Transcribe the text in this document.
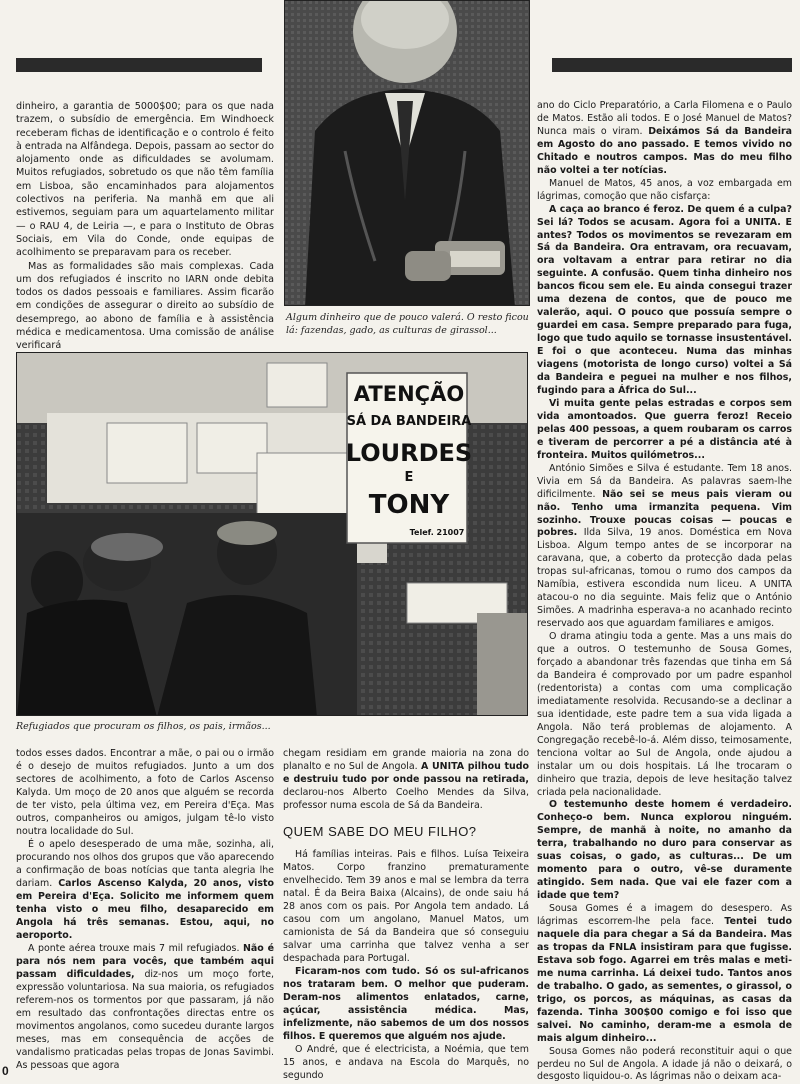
dinheiro, a garantia de 5000$00; para os que nada trazem, o subsídio de emergência. Em Windhoeck receberam fichas de identificação e o controlo é feito à entrada na Alfândega. Depois, passam ao sector do alojamento onde as dificuldades se avolumam. Muitos refugiados, sobretudo os que não têm família em Lisboa, são encaminhados para alojamentos colectivos na periferia. Na manhã em que ali estivemos, seguiam para um aquartelamento militar — o RAU 4, de Leiria —, e para o Instituto de Obras Sociais, em Vila do Conde, onde equipas de acolhimento se preparavam para os receber.

Mas as formalidades são mais complexas. Cada um dos refugiados é inscrito no IARN onde debita todos os dados pessoais e familiares. Assim ficarão em condições de assegurar o direito ao subsídio de desemprego, ao abono de família e à assistência médica e medicamentosa. Uma comissão de análise verificará

Algum dinheiro que de pouco valerá. O resto ficou lá: fazendas, gado, as culturas de girassol...
ATENÇÃO
SÁ DA BANDEIRA
LOURDES
E
TONY
Telef. 21007
Refugiados que procuram os filhos, os pais, irmãos...

ano do Ciclo Preparatório, a Carla Filomena e o Paulo de Matos. Estão ali todos. E o José Manuel de Matos? Nunca mais o viram. Deixámos Sá da Bandeira em Agosto do ano passado. E temos vivido no Chitado e noutros campos. Mas do meu filho não voltei a ter notícias.

Manuel de Matos, 45 anos, a voz embargada em lágrimas, comoção que não cisfarça:

A caça ao branco é feroz. De quem é a culpa? Sei lá? Todos se acusam. Agora foi a UNITA. E antes? Todos os movimentos se revezaram em Sá da Bandeira. Ora entravam, ora recuavam, ora voltavam a entrar para retirar no dia seguinte. A confusão. Quem tinha dinheiro nos bancos ficou sem ele. Eu ainda consegui trazer uma dezena de contos, que de pouco me valerão, aqui. O pouco que possuía sempre o guardei em casa. Sempre preparado para fuga, logo que tudo aquilo se tornasse insustentável. E foi o que aconteceu. Numa das minhas viagens (motorista de longo curso) voltei a Sá da Bandeira e peguei na mulher e nos filhos, fugindo para a África do Sul...

Vi muita gente pelas estradas e corpos sem vida amontoados. Que guerra feroz! Receio pelas 400 pessoas, a quem roubaram os carros e tiveram de percorrer a pé a distância até à fronteira. Muitos quilómetros...

António Simões e Silva é estudante. Tem 18 anos. Vivia em Sá da Bandeira. As palavras saem-lhe dificilmente. Não sei se meus pais vieram ou não. Tenho uma irmanzita pequena. Vim sozinho. Trouxe poucas coisas — poucas e pobres. Ilda Silva, 19 anos. Doméstica em Nova Lisboa. Algum tempo antes de se incorporar na caravana, que, a coberto da protecção dada pelas tropas sul-africanas, tomou o rumo dos campos da Namíbia, estivera escondida num liceu. A UNITA atacou-o no dia seguinte. Mais feliz que o António Simões. A madrinha esperava-a no acanhado recinto reservado aos que aguardam familiares e amigos.

O drama atingiu toda a gente. Mas a uns mais do que a outros. O testemunho de Sousa Gomes, forçado a abandonar três fazendas que tinha em Sá da Bandeira é comprovado por um padre espanhol (redentorista) a contas com uma complicação imediatamente resolvida. Recusando-se a declinar a sua identidade, este padre tem a sua vida ligada a Angola. Não terá problemas de alojamento. A Congregação recebê-lo-á. Além disso, teimosamente, tenciona voltar ao Sul de Angola, onde ajudou a instalar um ou dois hospitais. Lá lhe trocaram o dinheiro que trazia, depois de leve hesitação talvez criada pela nacionalidade.

O testemunho deste homem é verdadeiro. Conheço-o bem. Nunca explorou ninguém. Sempre, de manhã à noite, no amanho da terra, trabalhando no duro para conservar as suas coisas, o gado, as culturas... De um momento para o outro, vê-se duramente atingido. Sem nada. Que vai ele fazer com a idade que tem?

Sousa Gomes é a imagem do desespero. As lágrimas escorrem-lhe pela face. Tentei tudo naquele dia para chegar a Sá da Bandeira. Mas as tropas da FNLA insistiram para que fugisse. Estava sob fogo. Agarrei em três malas e meti-me numa carrinha. Lá deixei tudo. Tantos anos de trabalho. O gado, as sementes, o girassol, o trigo, os porcos, as máquinas, as casas da fazenda. Tinha 300$00 comigo e foi isso que salvei. No caminho, deram-me a esmola de mais algum dinheiro...

Sousa Gomes não poderá reconstituir aqui o que perdeu no Sul de Angola. A idade já não o deixará, o desgosto liquidou-o. As lágrimas não o deixam aca-

todos esses dados. Encontrar a mãe, o pai ou o irmão é o desejo de muitos refugiados. Junto a um dos sectores de acolhimento, a foto de Carlos Ascenso Kalyda. Um moço de 20 anos que alguém se recorda de ter visto, pela última vez, em Pereira d'Eça. Mas outros, companheiros ou amigos, julgam tê-lo visto noutra localidade do Sul.

É o apelo desesperado de uma mãe, sozinha, ali, procurando nos olhos dos grupos que vão aparecendo a confirmação de boas notícias que tanta alegria lhe dariam. Carlos Ascenso Kalyda, 20 anos, visto em Pereira d'Eça. Solicito me informem quem tenha visto o meu filho, desaparecido em Angola há três semanas. Estou, aqui, no aeroporto.

A ponte aérea trouxe mais 7 mil refugiados. Não é para nós nem para vocês, que também aqui passam dificuldades, diz-nos um moço forte, expressão voluntariosa. Na sua maioria, os refugiados referem-nos os tormentos por que passaram, já não em resultado das confrontações directas entre os movimentos angolanos, como sucedeu durante largos meses, mas em consequência de acções de vandalismo praticadas pelas tropas de Jonas Savimbi. As pessoas que agora

chegam residiam em grande maioria na zona do planalto e no Sul de Angola. A UNITA pilhou tudo e destruiu tudo por onde passou na retirada, declarou-nos Alberto Coelho Mendes da Silva, professor numa escola de Sá da Bandeira.

QUEM SABE DO MEU FILHO?

Há famílias inteiras. Pais e filhos. Luísa Teixeira Matos. Corpo franzino prematuramente envelhecido. Tem 39 anos e mal se lembra da terra natal. É da Beira Baixa (Alcains), de onde saiu há 28 anos com os pais. Por Angola tem andado. Lá casou com um angolano, Manuel Matos, um camionista de Sá da Bandeira que só conseguiu salvar uma carrinha que talvez venha a ser despachada para Portugal.

Ficaram-nos com tudo. Só os sul-africanos nos trataram bem. O melhor que puderam. Deram-nos alimentos enlatados, carne, açúcar, assistência médica. Mas, infelizmente, não sabemos de um dos nossos filhos. E queremos que alguém nos ajude.

O André, que é electricista, a Noémia, que tem 15 anos, e andava na Escola do Marquês, no segundo

0
